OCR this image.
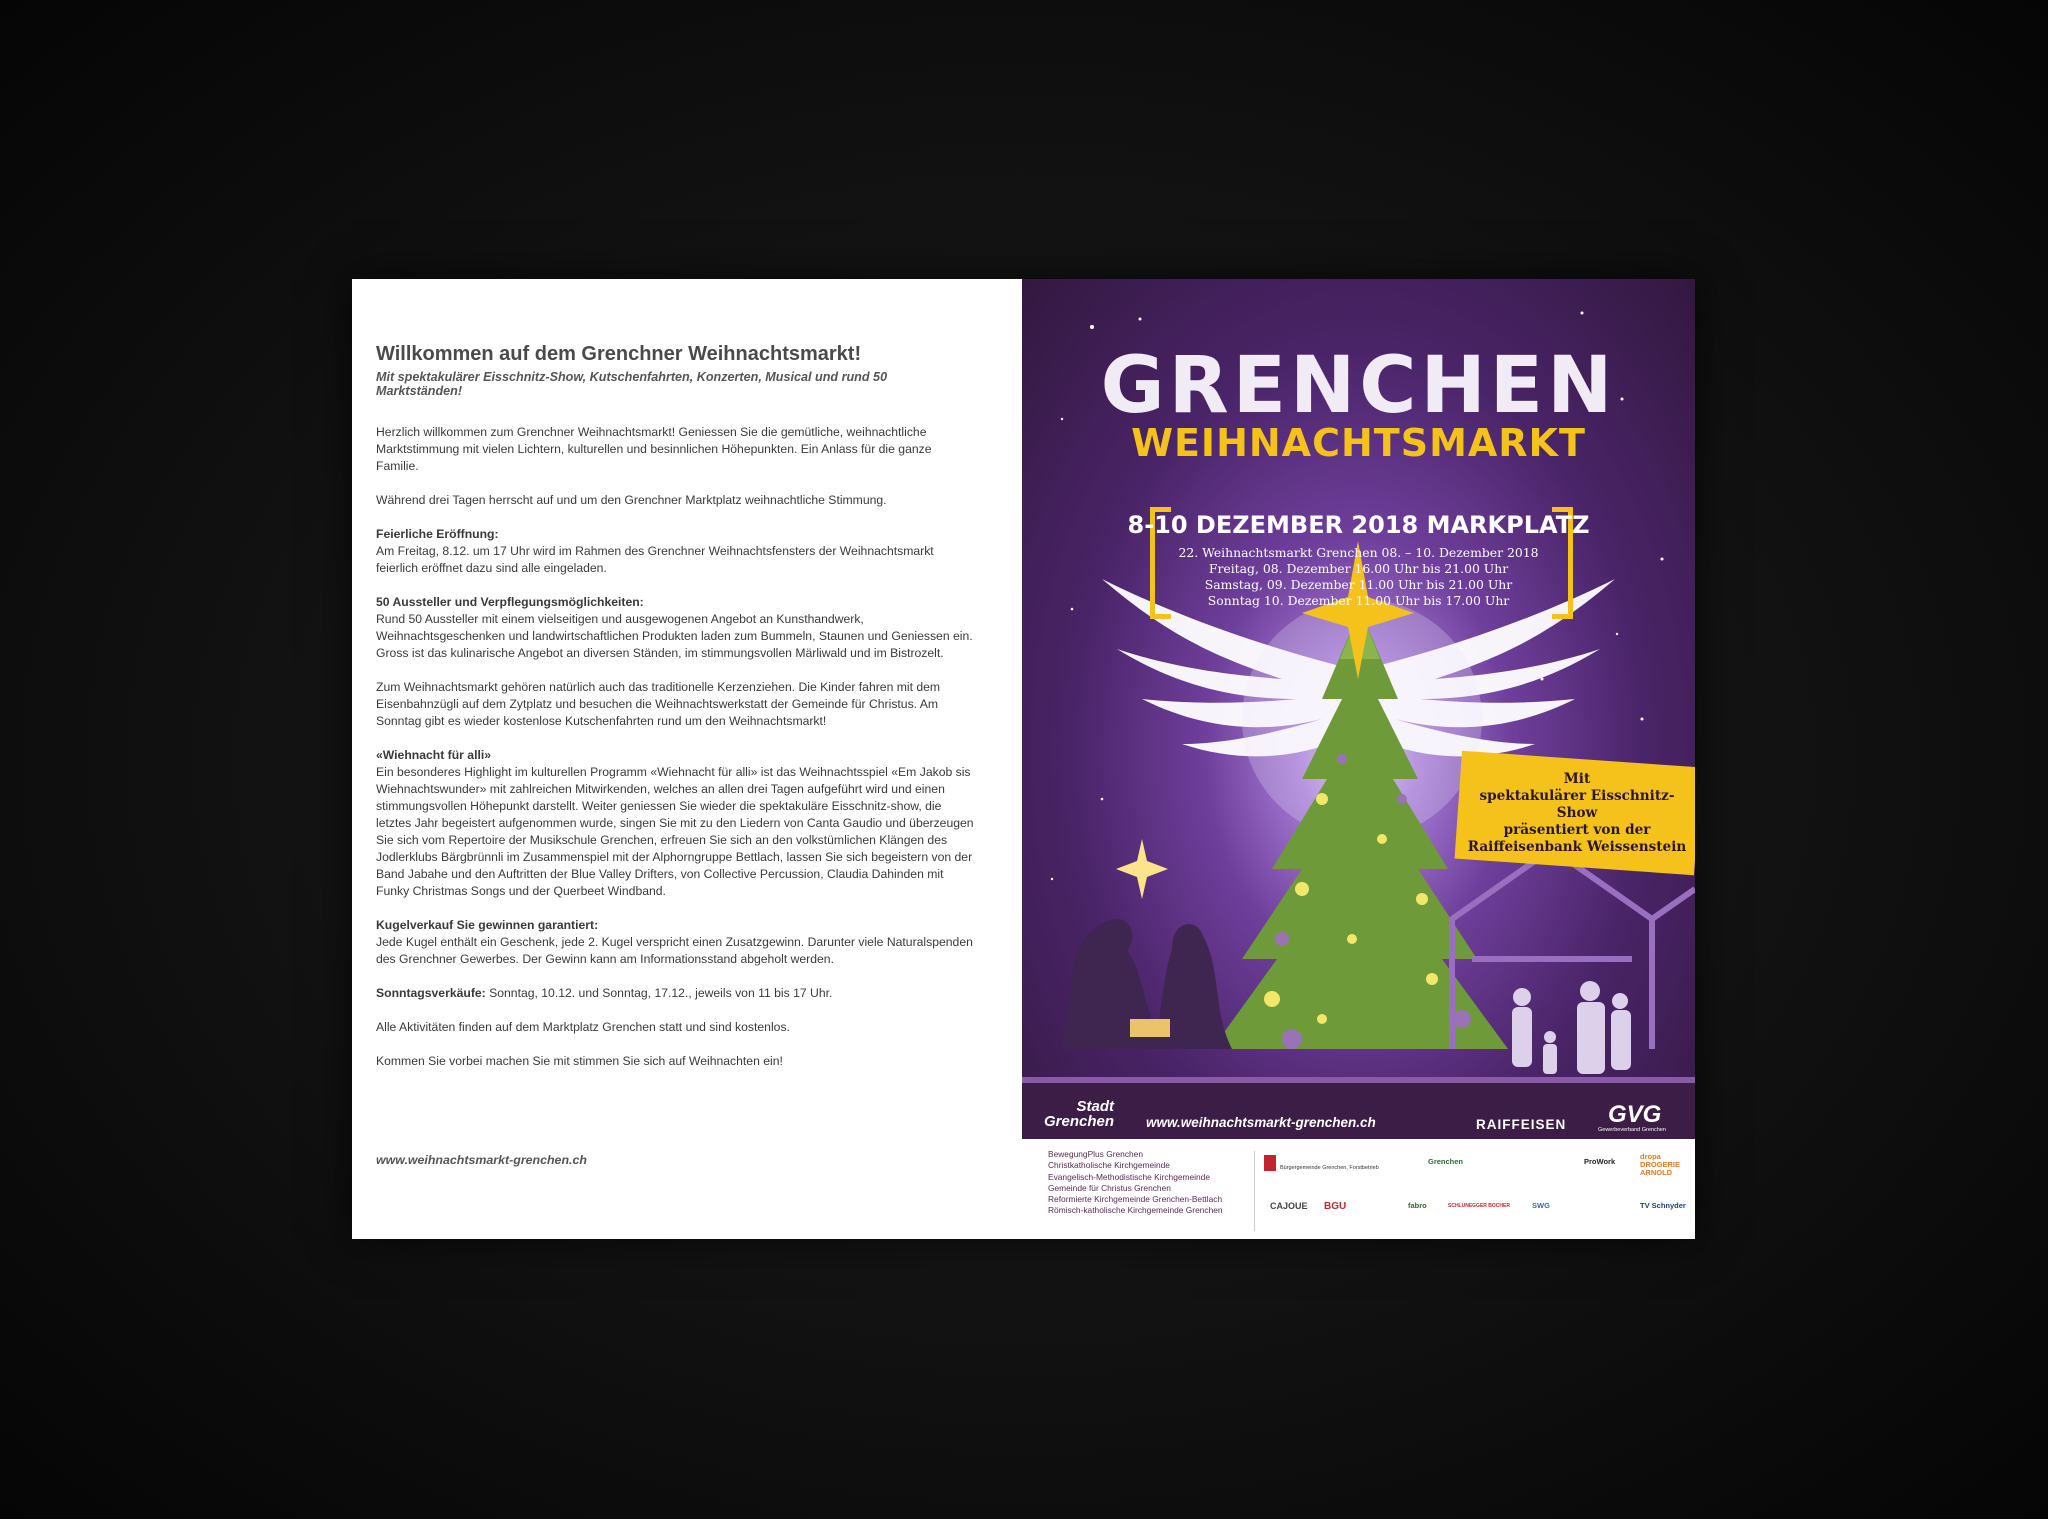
Willkommen auf dem Grenchner Weihnachtsmarkt!
Mit spektakulärer Eisschnitz-Show, Kutschenfahrten, Konzerten, Musical und rund 50 Marktständen!

Herzlich willkommen zum Grenchner Weihnachtsmarkt! Geniessen Sie die gemütliche, weihnachtliche Marktstimmung mit vielen Lichtern, kulturellen und besinnlichen Höhepunkten. Ein Anlass für die ganze Familie.

Während drei Tagen herrscht auf und um den Grenchner Marktplatz weihnachtliche Stimmung.

Feierliche Eröffnung:
Am Freitag, 8.12. um 17 Uhr wird im Rahmen des Grenchner Weihnachtsfensters der Weihnachtsmarkt feierlich eröffnet dazu sind alle eingeladen.

50 Aussteller und Verpflegungsmöglichkeiten:
Rund 50 Aussteller mit einem vielseitigen und ausgewogenen Angebot an Kunsthandwerk, Weihnachtsgeschenken und landwirtschaftlichen Produkten laden zum Bummeln, Staunen und Geniessen ein. Gross ist das kulinarische Angebot an diversen Ständen, im stimmungsvollen Märliwald und im Bistrozelt.

Zum Weihnachtsmarkt gehören natürlich auch das traditionelle Kerzenziehen. Die Kinder fahren mit dem Eisenbahnzügli auf dem Zytplatz und besuchen die Weihnachtswerkstatt der Gemeinde für Christus. Am Sonntag gibt es wieder kostenlose Kutschenfahrten rund um den Weihnachtsmarkt!

«Wiehnacht für alli»
Ein besonderes Highlight im kulturellen Programm «Wiehnacht für alli» ist das Weihnachtsspiel «Em Jakob sis Wiehnachtswunder» mit zahlreichen Mitwirkenden, welches an allen drei Tagen aufgeführt wird und einen stimmungsvollen Höhepunkt darstellt. Weiter geniessen Sie wieder die spektakuläre Eisschnitz-show, die letztes Jahr begeistert aufgenommen wurde, singen Sie mit zu den Liedern von Canta Gaudio und überzeugen Sie sich vom Repertoire der Musikschule Grenchen, erfreuen Sie sich an den volkstümlichen Klängen des Jodlerklubs Bärgbrünnli im Zusammenspiel mit der Alphorngruppe Bettlach, lassen Sie sich begeistern von der Band Jabahe und den Auftritten der Blue Valley Drifters, von Collective Percussion, Claudia Dahinden mit Funky Christmas Songs und der Querbeet Windband.

Kugelverkauf Sie gewinnen garantiert:
Jede Kugel enthält ein Geschenk, jede 2. Kugel verspricht einen Zusatzgewinn. Darunter viele Naturalspenden des Grenchner Gewerbes. Der Gewinn kann am Informationsstand abgeholt werden.

Sonntagsverkäufe: Sonntag, 10.12. und Sonntag, 17.12., jeweils von 11 bis 17 Uhr.

Alle Aktivitäten finden auf dem Marktplatz Grenchen statt und sind kostenlos.

Kommen Sie vorbei machen Sie mit stimmen Sie sich auf Weihnachten ein!

www.weihnachtsmarkt-grenchen.ch
GRENCHEN
WEIHNACHTSMARKT
8-10 DEZEMBER 2018 MARKPLATZ
22. Weihnachtsmarkt Grenchen 08. – 10. Dezember 2018
Freitag, 08. Dezember 16.00 Uhr bis 21.00 Uhr
Samstag, 09. Dezember 11.00 Uhr bis 21.00 Uhr
Sonntag 10. Dezember 11.00 Uhr bis 17.00 Uhr
Mit
spektakulärer Eisschnitz-Show
präsentiert von der
Raiffeisenbank Weissenstein
Stadt
Grenchen www.weihnachtsmarkt-grenchen.ch	RAIFFEISEN GVG
Gewerbeverband Grenchen
BewegungPlus Grenchen
Christkatholische Kirchgemeinde
Evangelisch-Methodistische Kirchgemeinde
Gemeinde für Christus Grenchen
Reformierte Kirchgemeinde Grenchen-Bettlach
Römisch-katholische Kirchgemeinde Grenchen
Bürgergemeinde Grenchen, Forstbetrieb
Grenchen	ProWork
dropa DROGERIE ARNOLD
CAJOUE BGU	fabro	SCHLUNEGGER BOCHER	SWG	TV Schnyder
